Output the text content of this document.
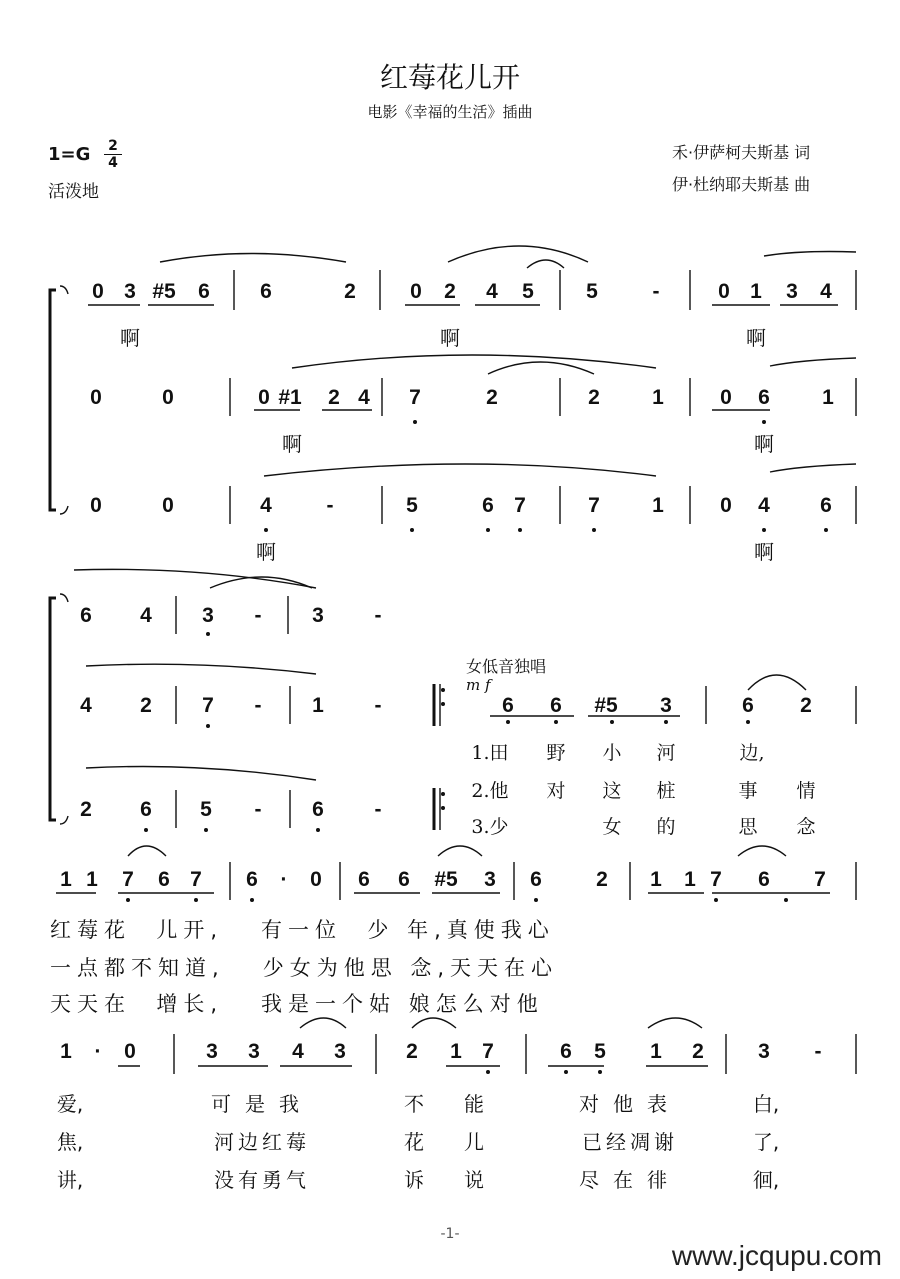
红莓花儿开
电影《幸福的生活》插曲
1=G 2
4
活泼地
禾·伊萨柯夫斯基 词
伊·杜纳耶夫斯基 曲
0 3 #5 6 6	2	0 2 4 5 5	-	0 1 3 4
啊	啊	啊
0	0	0 #1 2 4 7	2	2 1	0 6 1
啊	啊
0	0	4	-	5	6 7	7 1	0 4 6
啊	啊
6 4 3 - 3 -
女低音独唱
m f
4 2 7 - 1 -	6 6 #5 3	6 2
1.田 野 小 河	边,
2.他 对 这 桩	事 情
2 6 5 - 6 -
3.少	女 的	思 念
1 1 7 6 7 6 · 0 6 6 #5 3 6	2 1 1 7 6 7
红莓花  儿开,   有一位  少 年,真使我心
一点都不知道,   少女为他思 念,天天在心
天天在  增长,   我是一个姑 娘怎么对他
1 · 0	3 3 4 3	2 1 7	6 5 1 2	3 -
爱,	可是我	不 能	对他表	白,
焦,	河边红莓	花 儿	已经凋谢	了,
讲,	没有勇气	诉 说	尽在徘	徊,
-1-
www.jcqupu.com
